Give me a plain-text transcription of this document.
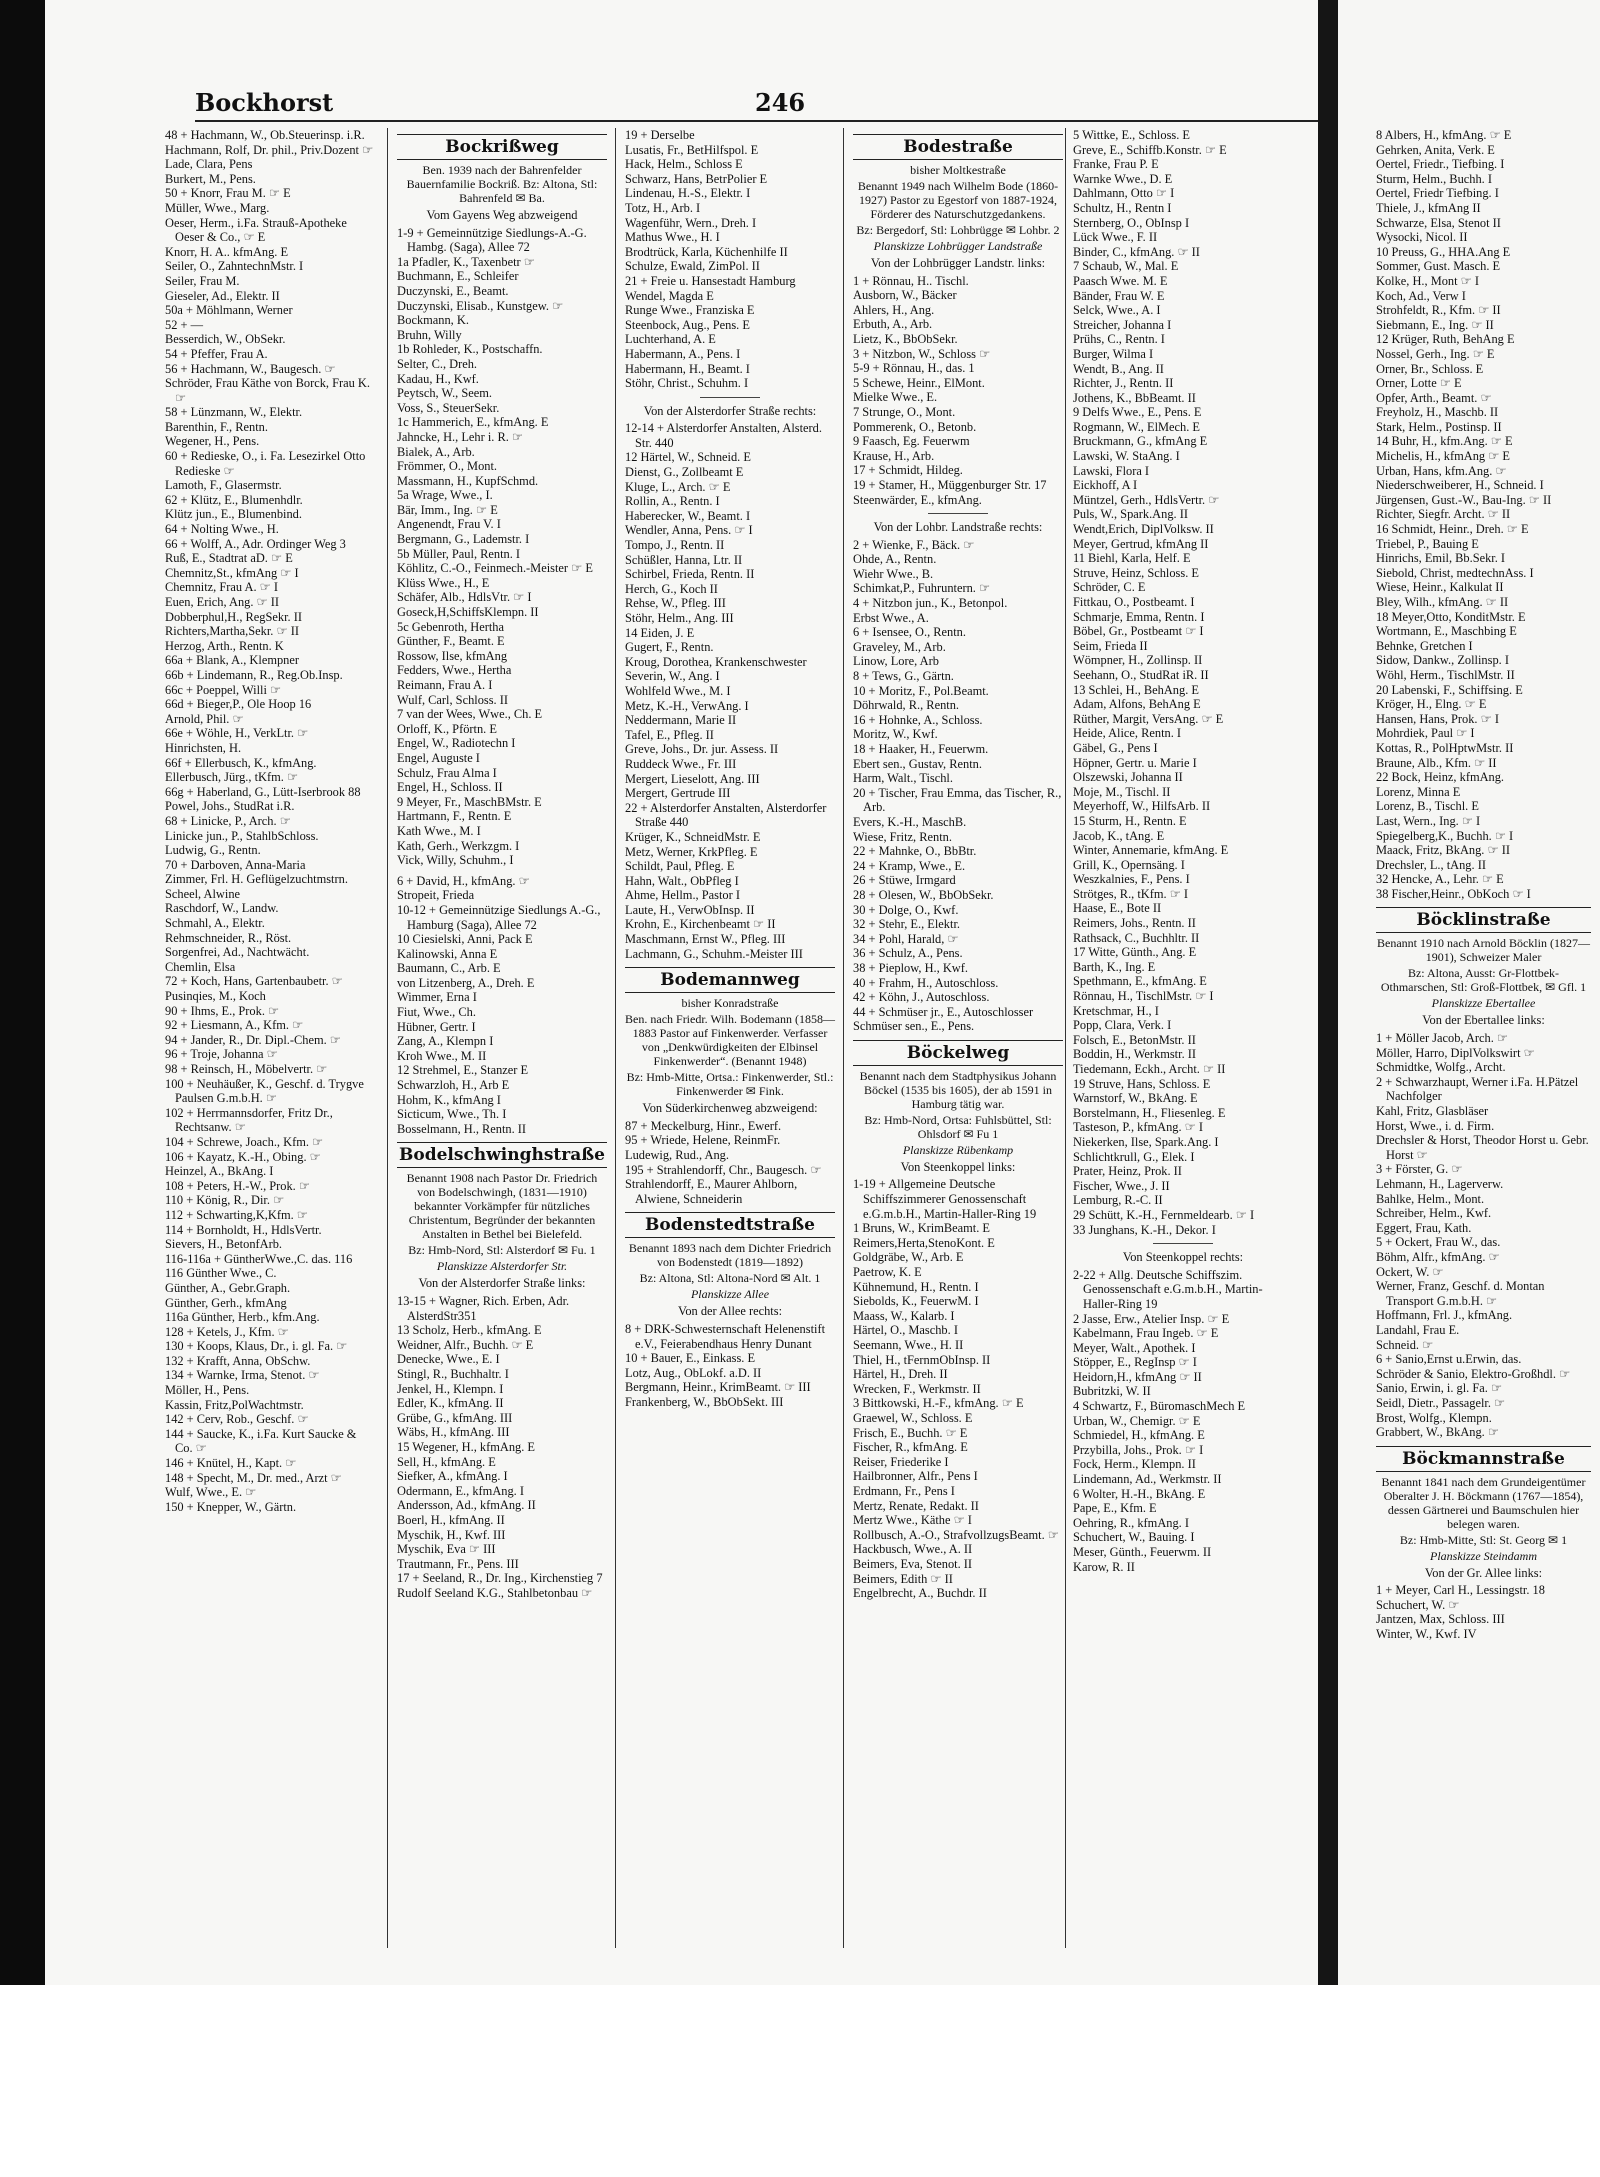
Bockhorst	246
48 + Hachmann, W., Ob.Steuerinsp. i.R.
Hachmann, Rolf, Dr. phil., Priv.Dozent ☞
Lade, Clara, Pens
Burkert, M., Pens.
50 + Knorr, Frau M. ☞ E
Müller, Wwe., Marg.
Oeser, Herm., i.Fa. Strauß-Apotheke Oeser & Co., ☞ E
Knorr, H. A.. kfmAng. E
Seiler, O., ZahntechnMstr. I
Seiler, Frau M.
Gieseler, Ad., Elektr. II
50a + Möhlmann, Werner
52 + —
Besserdich, W., ObSekr.
54 + Pfeffer, Frau A.
56 + Hachmann, W., Baugesch. ☞
Schröder, Frau Käthe von Borck, Frau K. ☞
58 + Lünzmann, W., Elektr.
Barenthin, F., Rentn.
Wegener, H., Pens.
60 + Redieske, O., i. Fa. Lesezirkel Otto Redieske ☞
Lamoth, F., Glasermstr.
62 + Klütz, E., Blumenhdlr.
Klütz jun., E., Blumenbind.
64 + Nolting Wwe., H.
66 + Wolff, A., Adr. Ordinger Weg 3
Ruß, E., Stadtrat aD. ☞ E
Chemnitz,St., kfmAng ☞ I
Chemnitz, Frau A. ☞ I
Euen, Erich, Ang. ☞ II
Dobberphul,H., RegSekr. II
Richters,Martha,Sekr. ☞ II
Herzog, Arth., Rentn. K
66a + Blank, A., Klempner
66b + Lindemann, R., Reg.Ob.Insp.
66c + Poeppel, Willi ☞
66d + Bieger,P., Ole Hoop 16
Arnold, Phil. ☞
66e + Wöhle, H., VerkLtr. ☞
Hinrichsten, H.
66f + Ellerbusch, K., kfmAng.
Ellerbusch, Jürg., tKfm. ☞
66g + Haberland, G., Lütt-Iserbrook 88
Powel, Johs., StudRat i.R.
68 + Linicke, P., Arch. ☞
Linicke jun., P., StahlbSchloss.
Ludwig, G., Rentn.
70 + Darboven, Anna-Maria
Zimmer, Frl. H. Geflügelzuchtmstrn.
Scheel, Alwine
Raschdorf, W., Landw.
Schmahl, A., Elektr.
Rehmschneider, R., Röst.
Sorgenfrei, Ad., Nachtwächt.
Chemlin, Elsa
72 + Koch, Hans, Gartenbaubetr. ☞
Pusinqies, M., Koch
90 + Ihms, E., Prok. ☞
92 + Liesmann, A., Kfm. ☞
94 + Jander, R., Dr. Dipl.-Chem. ☞
96 + Troje, Johanna ☞
98 + Reinsch, H., Möbelvertr. ☞
100 + Neuhäußer, K., Geschf. d. Trygve Paulsen G.m.b.H. ☞
102 + Herrmannsdorfer, Fritz Dr., Rechtsanw. ☞
104 + Schrewe, Joach., Kfm. ☞
106 + Kayatz, K.-H., Obing. ☞
Heinzel, A., BkAng. I
108 + Peters, H.-W., Prok. ☞
110 + König, R., Dir. ☞
112 + Schwarting,K,Kfm. ☞
114 + Bornholdt, H., HdlsVertr.
Sievers, H., BetonfArb.
116-116a + GüntherWwe.,C. das. 116
116 Günther Wwe., C.
Günther, A., Gebr.Graph.
Günther, Gerh., kfmAng
116a Günther, Herb., kfm.Ang.
128 + Ketels, J., Kfm. ☞
130 + Koops, Klaus, Dr., i. gl. Fa. ☞
132 + Krafft, Anna, ObSchw.
134 + Warnke, Irma, Stenot. ☞
Möller, H., Pens.
Kassin, Fritz,PolWachtmstr.
142 + Cerv, Rob., Geschf. ☞
144 + Saucke, K., i.Fa. Kurt Saucke & Co. ☞
146 + Knütel, H., Kapt. ☞
148 + Specht, M., Dr. med., Arzt ☞
Wulf, Wwe., E. ☞
150 + Knepper, W., Gärtn.
Bockrißweg
Ben. 1939 nach der Bahrenfelder Bauernfamilie Bockriß. Bz: Altona, Stl: Bahrenfeld ✉ Ba.
Vom Gayens Weg abzweigend
1-9 + Gemeinnützige Siedlungs-A.-G. Hambg. (Saga), Allee 72
1a Pfadler, K., Taxenbetr ☞
Buchmann, E., Schleifer
Duczynski, E., Beamt.
Duczynski, Elisab., Kunstgew. ☞
Bockmann, K.
Bruhn, Willy
1b Rohleder, K., Postschaffn.
Selter, C., Dreh.
Kadau, H., Kwf.
Peytsch, W., Seem.
Voss, S., SteuerSekr.
1c Hammerich, E., kfmAng. E
Jahncke, H., Lehr i. R. ☞
Bialek, A., Arb.
Frömmer, O., Mont.
Massmann, H., KupfSchmd.
5a Wrage, Wwe., I.
Bär, Imm., Ing. ☞ E
Angenendt, Frau V. I
Bergmann, G., Lademstr. I
5b Müller, Paul, Rentn. I
Köhlitz, C.-O., Feinmech.-Meister ☞ E
Klüss Wwe., H., E
Schäfer, Alb., HdlsVtr. ☞ I
Goseck,H,SchiffsKlempn. II
5c Gebenroth, Hertha
Günther, F., Beamt. E
Rossow, Ilse, kfmAng
Fedders, Wwe., Hertha
Reimann, Frau A. I
Wulf, Carl, Schloss. II
7 van der Wees, Wwe., Ch. E
Orloff, K., Pförtn. E
Engel, W., Radiotechn I
Engel, Auguste I
Schulz, Frau Alma I
Engel, H., Schloss. II
9 Meyer, Fr., MaschBMstr. E
Hartmann, F., Rentn. E
Kath Wwe., M. I
Kath, Gerh., Werkzgm. I
Vick, Willy, Schuhm., I
6 + David, H., kfmAng. ☞
Stropeit, Frieda
10-12 + Gemeinnützige Siedlungs A.-G., Hamburg (Saga), Allee 72
10 Ciesielski, Anni, Pack E
Kalinowski, Anna E
Baumann, C., Arb. E
von Litzenberg, A., Dreh. E
Wimmer, Erna I
Fiut, Wwe., Ch.
Hübner, Gertr. I
Zang, A., Klempn I
Kroh Wwe., M. II
12 Strehmel, E., Stanzer E
Schwarzloh, H., Arb E
Hohm, K., kfmAng I
Sicticum, Wwe., Th. I
Bosselmann, H., Rentn. II
Bodelschwinghstraße
Benannt 1908 nach Pastor Dr. Friedrich von Bodelschwingh, (1831—1910) bekannter Vorkämpfer für nützliches Christentum, Begründer der bekannten Anstalten in Bethel bei Bielefeld.
Bz: Hmb-Nord, Stl: Alsterdorf ✉ Fu. 1
Planskizze Alsterdorfer Str.
Von der Alsterdorfer Straße links:
13-15 + Wagner, Rich. Erben, Adr. AlsterdStr351
13 Scholz, Herb., kfmAng. E
Weidner, Alfr., Buchh. ☞ E
Denecke, Wwe., E. I
Stingl, R., Buchhaltr. I
Jenkel, H., Klempn. I
Edler, K., kfmAng. II
Grübe, G., kfmAng. III
Wäbs, H., kfmAng. III
15 Wegener, H., kfmAng. E
Sell, H., kfmAng. E
Siefker, A., kfmAng. I
Odermann, E., kfmAng. I
Andersson, Ad., kfmAng. II
Boerl, H., kfmAng. II
Myschik, H., Kwf. III
Myschik, Eva ☞ III
Trautmann, Fr., Pens. III
17 + Seeland, R., Dr. Ing., Kirchenstieg 7
Rudolf Seeland K.G., Stahlbetonbau ☞
19 + Derselbe
Lusatis, Fr., BetHilfspol. E
Hack, Helm., Schloss E
Schwarz, Hans, BetrPolier E
Lindenau, H.-S., Elektr. I
Totz, H., Arb. I
Wagenführ, Wern., Dreh. I
Mathus Wwe., H. I
Brodtrück, Karla, Küchenhilfe II
Schulze, Ewald, ZimPol. II
21 + Freie u. Hansestadt Hamburg
Wendel, Magda E
Runge Wwe., Franziska E
Steenbock, Aug., Pens. E
Luchterhand, A. E
Habermann, A., Pens. I
Habermann, H., Beamt. I
Stöhr, Christ., Schuhm. I
Von der Alsterdorfer Straße rechts:
12-14 + Alsterdorfer Anstalten, Alsterd. Str. 440
12 Härtel, W., Schneid. E
Dienst, G., Zollbeamt E
Kluge, L., Arch. ☞ E
Rollin, A., Rentn. I
Haberecker, W., Beamt. I
Wendler, Anna, Pens. ☞ I
Tompo, J., Rentn. II
Schüßler, Hanna, Ltr. II
Schirbel, Frieda, Rentn. II
Herch, G., Koch II
Rehse, W., Pfleg. III
Stöhr, Helm., Ang. III
14 Eiden, J. E
Gugert, F., Rentn.
Kroug, Dorothea, Krankenschwester
Severin, W., Ang. I
Wohlfeld Wwe., M. I
Metz, K.-H., VerwAng. I
Neddermann, Marie II
Tafel, E., Pfleg. II
Greve, Johs., Dr. jur. Assess. II
Ruddeck Wwe., Fr. III
Mergert, Lieselott, Ang. III
Mergert, Gertrude III
22 + Alsterdorfer Anstalten, Alsterdorfer Straße 440
Krüger, K., SchneidMstr. E
Metz, Werner, KrkPfleg. E
Schildt, Paul, Pfleg. E
Hahn, Walt., ObPfleg I
Ahme, Hellm., Pastor I
Laute, H., VerwObInsp. II
Krohn, E., Kirchenbeamt ☞ II
Maschmann, Ernst W., Pfleg. III
Lachmann, G., Schuhm.-Meister III
Bodemannweg
bisher Konradstraße
Ben. nach Friedr. Wilh. Bodemann (1858—1883 Pastor auf Finkenwerder. Verfasser von „Denkwürdigkeiten der Elbinsel Finkenwerder“. (Benannt 1948)
Bz: Hmb-Mitte, Ortsa.: Finkenwerder, Stl.: Finkenwerder ✉ Fink.
Von Süderkirchenweg abzweigend:
87 + Meckelburg, Hinr., Ewerf.
95 + Wriede, Helene, ReinmFr.
Ludewig, Rud., Ang.
195 + Strahlendorff, Chr., Baugesch. ☞
Strahlendorff, E., Maurer Ahlborn, Alwiene, Schneiderin
Bodenstedtstraße
Benannt 1893 nach dem Dichter Friedrich von Bodenstedt (1819—1892)
Bz: Altona, Stl: Altona-Nord ✉ Alt. 1
Planskizze Allee
Von der Allee rechts:
8 + DRK-Schwesternschaft Helenenstift e.V., Feierabendhaus Henry Dunant
10 + Bauer, E., Einkass. E
Lotz, Aug., ObLokf. a.D. II
Bergmann, Heinr., KrimBeamt. ☞ III
Frankenberg, W., BbObSekt. III
Bodestraße
bisher Moltkestraße
Benannt 1949 nach Wilhelm Bode (1860-1927) Pastor zu Egestorf von 1887-1924, Förderer des Naturschutzgedankens.
Bz: Bergedorf, Stl: Lohbrügge ✉ Lohbr. 2
Planskizze Lohbrügger Landstraße
Von der Lohbrügger Landstr. links:
1 + Rönnau, H.. Tischl.
Ausborn, W., Bäcker
Ahlers, H., Ang.
Erbuth, A., Arb.
Lietz, K., BbObSekr.
3 + Nitzbon, W., Schloss ☞
5-9 + Rönnau, H., das. 1
5 Schewe, Heinr., ElMont.
Mielke Wwe., E.
7 Strunge, O., Mont.
Pommerenk, O., Betonb.
9 Faasch, Eg. Feuerwm
Krause, H., Arb.
17 + Schmidt, Hildeg.
19 + Stamer, H., Müggenburger Str. 17
Steenwärder, E., kfmAng.
Von der Lohbr. Landstraße rechts:
2 + Wienke, F., Bäck. ☞
Ohde, A., Rentn.
Wiehr Wwe., B.
Schimkat,P., Fuhruntern. ☞
4 + Nitzbon jun., K., Betonpol.
Erbst Wwe., A.
6 + Isensee, O., Rentn.
Graveley, M., Arb.
Linow, Lore, Arb
8 + Tews, G., Gärtn.
10 + Moritz, F., Pol.Beamt.
Döhrwald, R., Rentn.
16 + Hohnke, A., Schloss.
Moritz, W., Kwf.
18 + Haaker, H., Feuerwm.
Ebert sen., Gustav, Rentn.
Harm, Walt., Tischl.
20 + Tischer, Frau Emma, das Tischer, R., Arb.
Evers, K.-H., MaschB.
Wiese, Fritz, Rentn.
22 + Mahnke, O., BbBtr.
24 + Kramp, Wwe., E.
26 + Stüwe, Irmgard
28 + Olesen, W., BbObSekr.
30 + Dolge, O., Kwf.
32 + Stehr, E., Elektr.
34 + Pohl, Harald, ☞
36 + Schulz, A., Pens.
38 + Pieplow, H., Kwf.
40 + Frahm, H., Autoschloss.
42 + Köhn, J., Autoschloss.
44 + Schmüser jr., E., Autoschlosser
Schmüser sen., E., Pens.
Böckelweg
Benannt nach dem Stadtphysikus Johann Böckel (1535 bis 1605), der ab 1591 in Hamburg tätig war.
Bz: Hmb-Nord, Ortsa: Fuhlsbüttel, Stl: Ohlsdorf ✉ Fu 1
Planskizze Rübenkamp
Von Steenkoppel links:
1-19 + Allgemeine Deutsche Schiffszimmerer Genossenschaft e.G.m.b.H., Martin-Haller-Ring 19
1 Bruns, W., KrimBeamt. E
Reimers,Herta,StenoKont. E
Goldgräbe, W., Arb. E
Paetrow, K. E
Kühnemund, H., Rentn. I
Siebolds, K., FeuerwM. I
Maass, W., Kalarb. I
Härtel, O., Maschb. I
Seemann, Wwe., H. II
Thiel, H., tFernmObInsp. II
Härtel, H., Dreh. II
Wrecken, F., Werkmstr. II
3 Bittkowski, H.-F., kfmAng. ☞ E
Graewel, W., Schloss. E
Frisch, E., Buchh. ☞ E
Fischer, R., kfmAng. E
Reiser, Friederike I
Hailbronner, Alfr., Pens I
Erdmann, Fr., Pens I
Mertz, Renate, Redakt. II
Mertz Wwe., Käthe ☞ I
Rollbusch, A.-O., StrafvollzugsBeamt. ☞
Hackbusch, Wwe., A. II
Beimers, Eva, Stenot. II
Beimers, Edith ☞ II
Engelbrecht, A., Buchdr. II
5 Wittke, E., Schloss. E
Greve, E., Schiffb.Konstr. ☞ E
Franke, Frau P. E
Warnke Wwe., D. E
Dahlmann, Otto ☞ I
Schultz, H., Rentn I
Sternberg, O., ObInsp I
Lück Wwe., F. II
Binder, C., kfmAng. ☞ II
7 Schaub, W., Mal. E
Paasch Wwe. M. E
Bänder, Frau W. E
Selck, Wwe., A. I
Streicher, Johanna I
Prühs, C., Rentn. I
Burger, Wilma I
Wendt, B., Ang. II
Richter, J., Rentn. II
Jothens, K., BbBeamt. II
9 Delfs Wwe., E., Pens. E
Rogmann, W., ElMech. E
Bruckmann, G., kfmAng E
Lawski, W. StaAng. I
Lawski, Flora I
Eickhoff, A I
Müntzel, Gerh., HdlsVertr. ☞
Puls, W., Spark.Ang. II
Wendt,Erich, DiplVolksw. II
Meyer, Gertrud, kfmAng II
11 Biehl, Karla, Helf. E
Struve, Heinz, Schloss. E
Schröder, C. E
Fittkau, O., Postbeamt. I
Schmarje, Emma, Rentn. I
Böbel, Gr., Postbeamt ☞ I
Seim, Frieda II
Wömpner, H., Zollinsp. II
Seehann, O., StudRat iR. II
13 Schlei, H., BehAng. E
Adam, Alfons, BehAng E
Rüther, Margit, VersAng. ☞ E
Heide, Alice, Rentn. I
Gäbel, G., Pens I
Höpner, Gertr. u. Marie I
Olszewski, Johanna II
Moje, M., Tischl. II
Meyerhoff, W., HilfsArb. II
15 Sturm, H., Rentn. E
Jacob, K., tAng. E
Winter, Annemarie, kfmAng. E
Grill, K., Opernsäng. I
Weszkalnies, F., Pens. I
Strötges, R., tKfm. ☞ I
Haase, E., Bote II
Reimers, Johs., Rentn. II
Rathsack, C., Buchhltr. II
17 Witte, Günth., Ang. E
Barth, K., Ing. E
Spethmann, E., kfmAng. E
Rönnau, H., TischlMstr. ☞ I
Kretschmar, H., I
Popp, Clara, Verk. I
Folsch, E., BetonMstr. II
Boddin, H., Werkmstr. II
Tiedemann, Eckh., Archt. ☞ II
19 Struve, Hans, Schloss. E
Warnstorf, W., BkAng. E
Borstelmann, H., Fliesenleg. E
Tasteson, P., kfmAng. ☞ I
Niekerken, Ilse, Spark.Ang. I
Schlichtkrull, G., Elek. I
Prater, Heinz, Prok. II
Fischer, Wwe., J. II
Lemburg, R.-C. II
29 Schütt, K.-H., Fernmeldearb. ☞ I
33 Junghans, K.-H., Dekor. I
Von Steenkoppel rechts:
2-22 + Allg. Deutsche Schiffszim. Genossenschaft e.G.m.b.H., Martin-Haller-Ring 19
2 Jasse, Erw., Atelier Insp. ☞ E
Kabelmann, Frau Ingeb. ☞ E
Meyer, Walt., Apothek. I
Stöpper, E., RegInsp ☞ I
Heidorn,H., kfmAng ☞ II
Bubritzki, W. II
4 Schwartz, F., BüromaschMech E
Urban, W., Chemigr. ☞ E
Schmiedel, H., kfmAng. E
Przybilla, Johs., Prok. ☞ I
Fock, Herm., Klempn. II
Lindemann, Ad., Werkmstr. II
6 Wolter, H.-H., BkAng. E
Pape, E., Kfm. E
Oehring, R., kfmAng. I
Schuchert, W., Bauing. I
Meser, Günth., Feuerwm. II
Karow, R. II
8 Albers, H., kfmAng. ☞ E
Gehrken, Anita, Verk. E
Oertel, Friedr., Tiefbing. I
Sturm, Helm., Buchh. I
Oertel, Friedr Tiefbing. I
Thiele, J., kfmAng II
Schwarze, Elsa, Stenot II
Wysocki, Nicol. II
10 Preuss, G., HHA.Ang E
Sommer, Gust. Masch. E
Kolke, H., Mont ☞ I
Koch, Ad., Verw I
Strohfeldt, R., Kfm. ☞ II
Siebmann, E., Ing. ☞ II
12 Krüger, Ruth, BehAng E
Nossel, Gerh., Ing. ☞ E
Orner, Br., Schloss. E
Orner, Lotte ☞ E
Opfer, Arth., Beamt. ☞
Freyholz, H., Maschb. II
Stark, Helm., Postinsp. II
14 Buhr, H., kfm.Ang. ☞ E
Michelis, H., kfmAng ☞ E
Urban, Hans, kfm.Ang. ☞
Niederschweiberer, H., Schneid. I
Jürgensen, Gust.-W., Bau-Ing. ☞ II
Richter, Siegfr. Archt. ☞ II
16 Schmidt, Heinr., Dreh. ☞ E
Triebel, P., Bauing E
Hinrichs, Emil, Bb.Sekr. I
Siebold, Christ, medtechnAss. I
Wiese, Heinr., Kalkulat II
Bley, Wilh., kfmAng. ☞ II
18 Meyer,Otto, KonditMstr. E
Wortmann, E., Maschbing E
Behnke, Gretchen I
Sidow, Dankw., Zollinsp. I
Wöhl, Herm., TischlMstr. II
20 Labenski, F., Schiffsing. E
Kröger, H., Elng. ☞ E
Hansen, Hans, Prok. ☞ I
Mohrdiek, Paul ☞ I
Kottas, R., PolHptwMstr. II
Braune, Alb., Kfm. ☞ II
22 Bock, Heinz, kfmAng.
Lorenz, Minna E
Lorenz, B., Tischl. E
Last, Wern., Ing. ☞ I
Spiegelberg,K., Buchh. ☞ I
Maack, Fritz, BkAng. ☞ II
Drechsler, L., tAng. II
32 Hencke, A., Lehr. ☞ E
38 Fischer,Heinr., ObKoch ☞ I
Böcklinstraße
Benannt 1910 nach Arnold Böcklin (1827—1901), Schweizer Maler
Bz: Altona, Ausst: Gr-Flottbek-Othmarschen, Stl: Groß-Flottbek, ✉ Gfl. 1
Planskizze Ebertallee
Von der Ebertallee links:
1 + Möller Jacob, Arch. ☞
Möller, Harro, DiplVolkswirt ☞
Schmidtke, Wolfg., Archt.
2 + Schwarzhaupt, Werner i.Fa. H.Pätzel Nachfolger
Kahl, Fritz, Glasbläser
Horst, Wwe., i. d. Firm.
Drechsler & Horst, Theodor Horst u. Gebr. Horst ☞
3 + Förster, G. ☞
Lehmann, H., Lagerverw.
Bahlke, Helm., Mont.
Schreiber, Helm., Kwf.
Eggert, Frau, Kath.
5 + Ockert, Frau W., das.
Böhm, Alfr., kfmAng. ☞
Ockert, W. ☞
Werner, Franz, Geschf. d. Montan Transport G.m.b.H. ☞
Hoffmann, Frl. J., kfmAng.
Landahl, Frau E.
Schneid. ☞
6 + Sanio,Ernst u.Erwin, das.
Schröder & Sanio, Elektro-Großhdl. ☞
Sanio, Erwin, i. gl. Fa. ☞
Seidl, Dietr., Passagelr. ☞
Brost, Wolfg., Klempn.
Grabbert, W., BkAng. ☞
Böckmannstraße
Benannt 1841 nach dem Grundeigentümer Oberalter J. H. Böckmann (1767—1854), dessen Gärtnerei und Baumschulen hier belegen waren.
Bz: Hmb-Mitte, Stl: St. Georg ✉ 1
Planskizze Steindamm
Von der Gr. Allee links:
1 + Meyer, Carl H., Lessingstr. 18
Schuchert, W. ☞
Jantzen, Max, Schloss. III
Winter, W., Kwf. IV
